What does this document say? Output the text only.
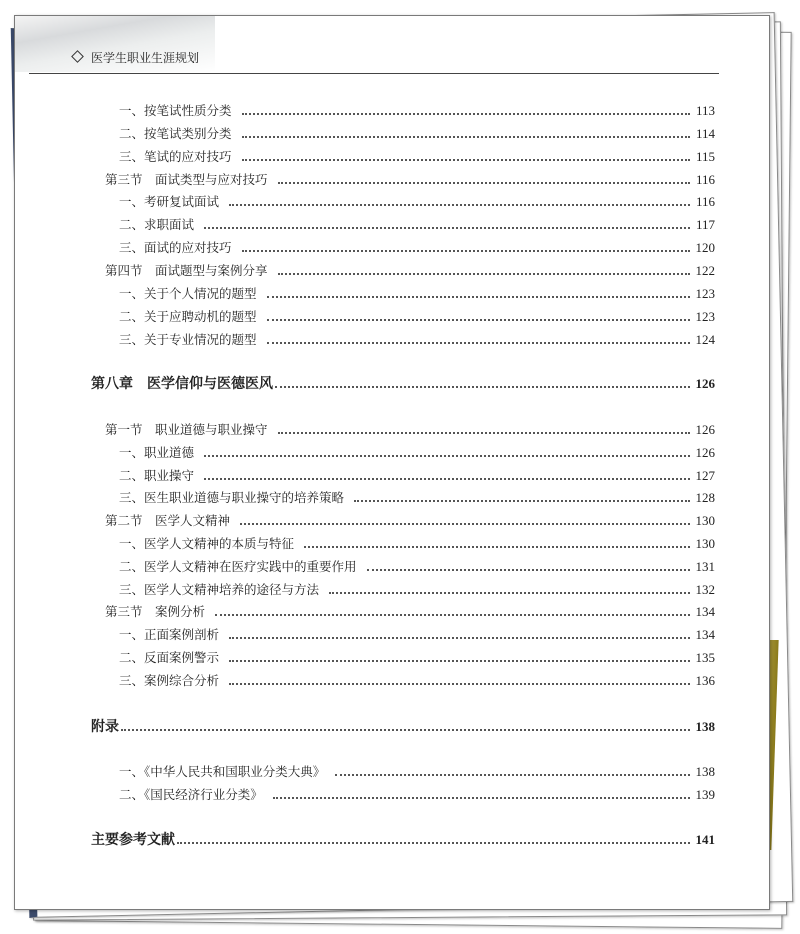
医学生职业生涯规划
一、按笔试性质分类	113
二、按笔试类别分类	114
三、笔试的应对技巧	115
第三节　面试类型与应对技巧	116
一、考研复试面试	116
二、求职面试	117
三、面试的应对技巧	120
第四节　面试题型与案例分享	122
一、关于个人情况的题型	123
二、关于应聘动机的题型	123
三、关于专业情况的题型	124
第八章　医学信仰与医德医风	126
第一节　职业道德与职业操守	126
一、职业道德	126
二、职业操守	127
三、医生职业道德与职业操守的培养策略	128
第二节　医学人文精神	130
一、医学人文精神的本质与特征	130
二、医学人文精神在医疗实践中的重要作用	131
三、医学人文精神培养的途径与方法	132
第三节　案例分析	134
一、正面案例剖析	134
二、反面案例警示	135
三、案例综合分析	136
附录	138
一、《中华人民共和国职业分类大典》	138
二、《国民经济行业分类》	139
主要参考文献	141
